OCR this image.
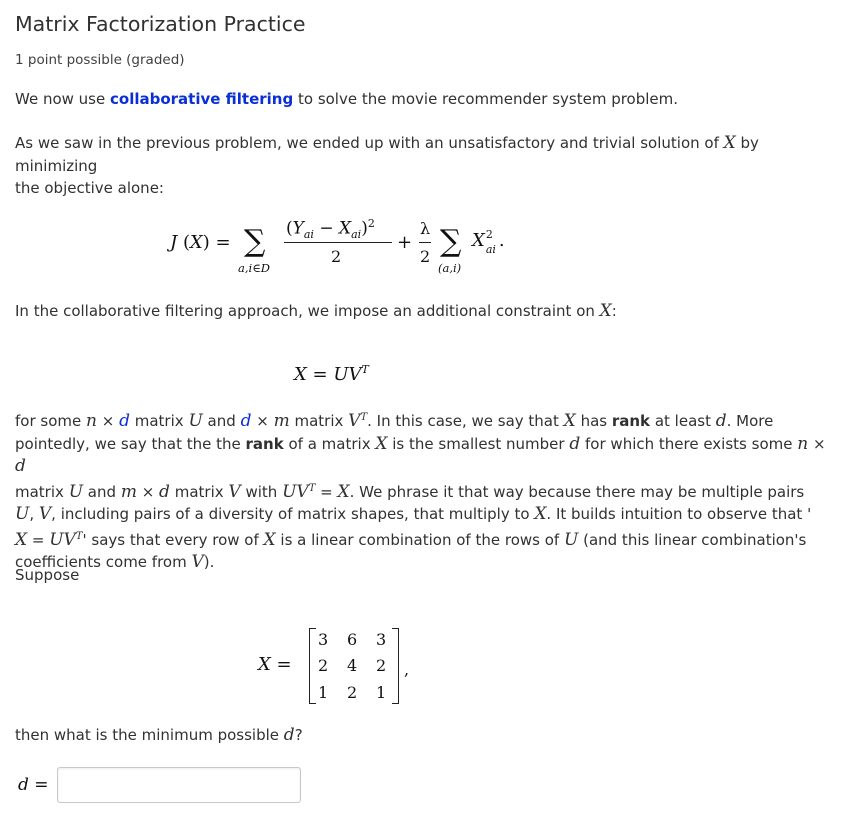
Matrix Factorization Practice
1 point possible (graded)
We now use collaborative filtering to solve the movie recommender system problem.
As we saw in the previous problem, we ended up with an unsatisfactory and trivial solution of X by minimizing
the objective alone:
J (X) = ∑
a,i∈D
$(Y_{ai} - X_{ai})^2$
2
+
λ
2 ∑
(a,i)
X 2
ai .
In the collaborative filtering approach, we impose an additional constraint on X:
$X = UV^T$
for some n × d matrix U and d × m matrix $V^T$. In this case, we say that X has rank at least d. More
pointedly, we say that the the rank of a matrix X is the smallest number d for which there exists some n × d
matrix U and m × d matrix V with $UV^T = X$. We phrase it that way because there may be multiple pairs
U, V, including pairs of a diversity of matrix shapes, that multiply to X. It builds intuition to observe that '
$X = UV^T'$ says that every row of X is a linear combination of the rows of U (and this linear combination's
coefficients come from V).
Suppose
X =
3 6 3
2 4 2
1 2 1
,
then what is the minimum possible d?
d =
